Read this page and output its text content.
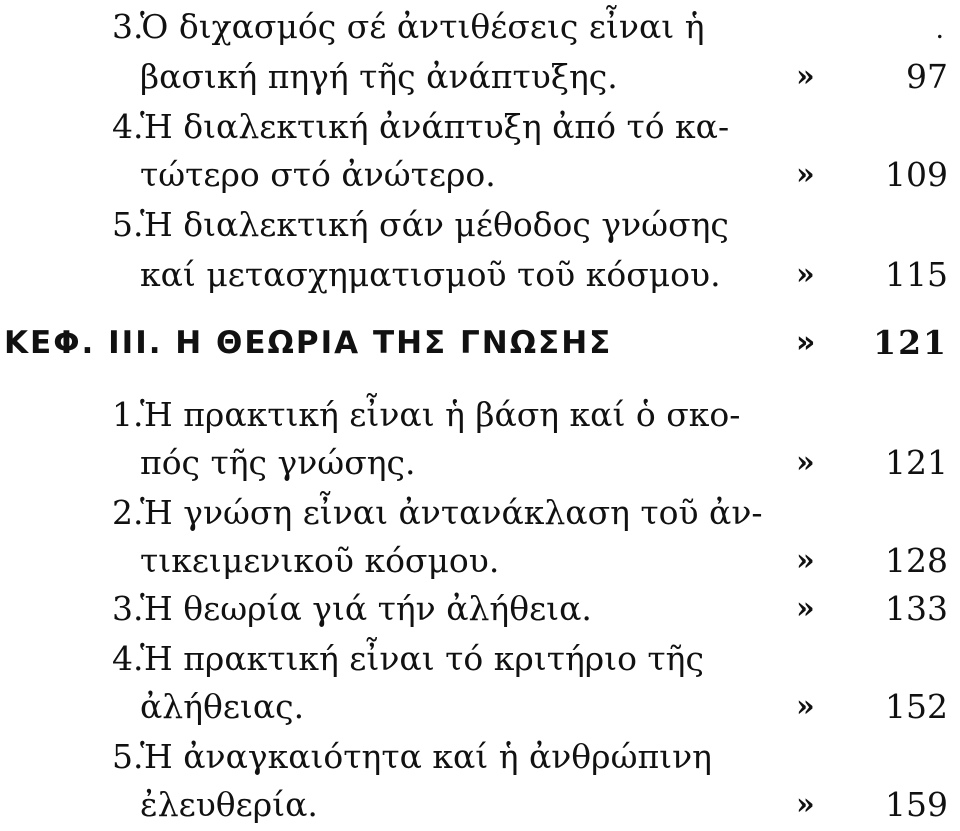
.
3.
Ὁ διχασμός σέ ἀντιθέσεις εἶναι ἡ
βασική πηγή τῆς ἀνάπτυξης.	»	97
4.
Ἡ διαλεκτική ἀνάπτυξη ἀπό τό κα-
τώτερο στό ἀνώτερο.	» 109
5.
Ἡ διαλεκτική σάν μέθοδος γνώσης
καί μετασχηματισμοῦ τοῦ κόσμου.	» 115
ΚΕΦ. ΙΙΙ. Η ΘΕΩΡΙΑ ΤΗΣ ΓΝΩΣΗΣ	» 121
1.
Ἡ πρακτική εἶναι ἡ βάση καί ὁ σκο-
πός τῆς γνώσης.	» 121
2.
Ἡ γνώση εἶναι ἀντανάκλαση τοῦ ἀν-
τικειμενικοῦ κόσμου.	» 128
3.
Ἡ θεωρία γιά τήν ἀλήθεια.	» 133
4.
Ἡ πρακτική εἶναι τό κριτήριο τῆς
ἀλήθειας.	» 152
5.
Ἡ ἀναγκαιότητα καί ἡ ἀνθρώπινη
ἐλευθερία.	» 159
